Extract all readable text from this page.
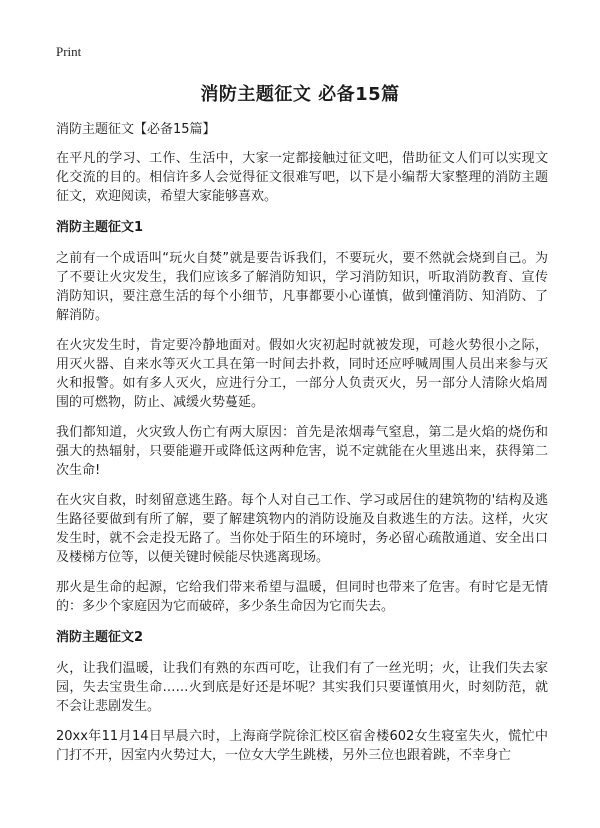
Print
消防主题征文 必备15篇

消防主题征文【必备15篇】

在平凡的学习、工作、生活中，大家一定都接触过征文吧，借助征文人们可以实现文化交流的目的。相信许多人会觉得征文很难写吧，以下是小编帮大家整理的消防主题征文，欢迎阅读，希望大家能够喜欢。

消防主题征文1

之前有一个成语叫“玩火自焚”就是要告诉我们，不要玩火，要不然就会烧到自己。为了不要让火灾发生，我们应该多了解消防知识，学习消防知识，听取消防教育、宣传消防知识，要注意生活的每个小细节，凡事都要小心谨慎，做到懂消防、知消防、了解消防。

在火灾发生时，肯定要冷静地面对。假如火灾初起时就被发现，可趁火势很小之际，用灭火器、自来水等灭火工具在第一时间去扑救，同时还应呼喊周围人员出来参与灭火和报警。如有多人灭火，应进行分工，一部分人负责灭火，另一部分人清除火焰周围的可燃物，防止、减缓火势蔓延。

我们都知道，火灾致人伤亡有两大原因：首先是浓烟毒气窒息，第二是火焰的烧伤和强大的热辐射，只要能避开或降低这两种危害，说不定就能在火里逃出来，获得第二次生命!

在火灾自救，时刻留意逃生路。每个人对自己工作、学习或居住的建筑物的'结构及逃生路径要做到有所了解，要了解建筑物内的消防设施及自救逃生的方法。这样，火灾发生时，就不会走投无路了。当你处于陌生的环境时，务必留心疏散通道、安全出口及楼梯方位等，以便关键时候能尽快逃离现场。

那火是生命的起源，它给我们带来希望与温暖，但同时也带来了危害。有时它是无情的：多少个家庭因为它而破碎，多少条生命因为它而失去。

消防主题征文2

火，让我们温暖，让我们有熟的东西可吃，让我们有了一丝光明；火，让我们失去家园，失去宝贵生命……火到底是好还是坏呢？其实我们只要谨慎用火，时刻防范，就不会让悲剧发生。

20xx年11月14日早晨六时，上海商学院徐汇校区宿舍楼602女生寝室失火，慌忙中门打不开，因室内火势过大，一位女大学生跳楼，另外三位也跟着跳，不幸身亡
